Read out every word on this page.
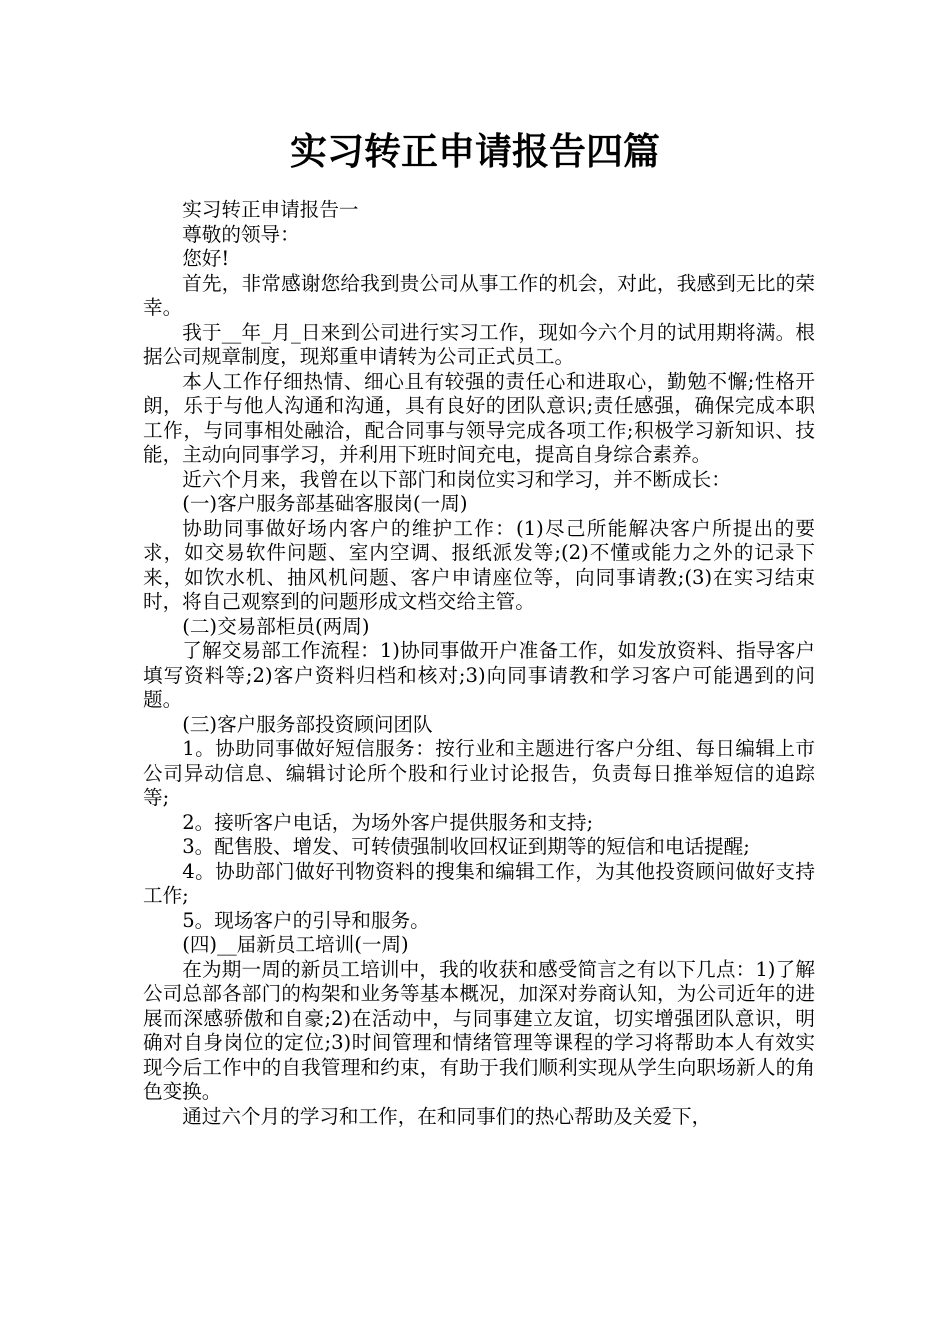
实习转正申请报告四篇

实习转正申请报告一

尊敬的领导：

您好!

首先，非常感谢您给我到贵公司从事工作的机会，对此，我感到无比的荣幸。

我于__年_月_日来到公司进行实习工作，现如今六个月的试用期将满。根据公司规章制度，现郑重申请转为公司正式员工。

本人工作仔细热情、细心且有较强的责任心和进取心，勤勉不懈;性格开朗，乐于与他人沟通和沟通，具有良好的团队意识;责任感强，确保完成本职工作，与同事相处融洽，配合同事与领导完成各项工作;积极学习新知识、技能，主动向同事学习，并利用下班时间充电，提高自身综合素养。

近六个月来，我曾在以下部门和岗位实习和学习，并不断成长：

(一)客户服务部基础客服岗(一周)

协助同事做好场内客户的维护工作：(1)尽己所能解决客户所提出的要求，如交易软件问题、室内空调、报纸派发等;(2)不懂或能力之外的记录下来，如饮水机、抽风机问题、客户申请座位等，向同事请教;(3)在实习结束时，将自己观察到的问题形成文档交给主管。

(二)交易部柜员(两周)

了解交易部工作流程：1)协同事做开户准备工作，如发放资料、指导客户填写资料等;2)客户资料归档和核对;3)向同事请教和学习客户可能遇到的问题。

(三)客户服务部投资顾问团队

1。协助同事做好短信服务：按行业和主题进行客户分组、每日编辑上市公司异动信息、编辑讨论所个股和行业讨论报告，负责每日推举短信的追踪等;

2。接听客户电话，为场外客户提供服务和支持;

3。配售股、增发、可转债强制收回权证到期等的短信和电话提醒;

4。协助部门做好刊物资料的搜集和编辑工作，为其他投资顾问做好支持工作;

5。现场客户的引导和服务。

(四)__届新员工培训(一周)

在为期一周的新员工培训中，我的收获和感受简言之有以下几点：1)了解公司总部各部门的构架和业务等基本概况，加深对券商认知，为公司近年的进展而深感骄傲和自豪;2)在活动中，与同事建立友谊，切实增强团队意识，明确对自身岗位的定位;3)时间管理和情绪管理等课程的学习将帮助本人有效实现今后工作中的自我管理和约束，有助于我们顺利实现从学生向职场新人的角色变换。

通过六个月的学习和工作，在和同事们的热心帮助及关爱下，
